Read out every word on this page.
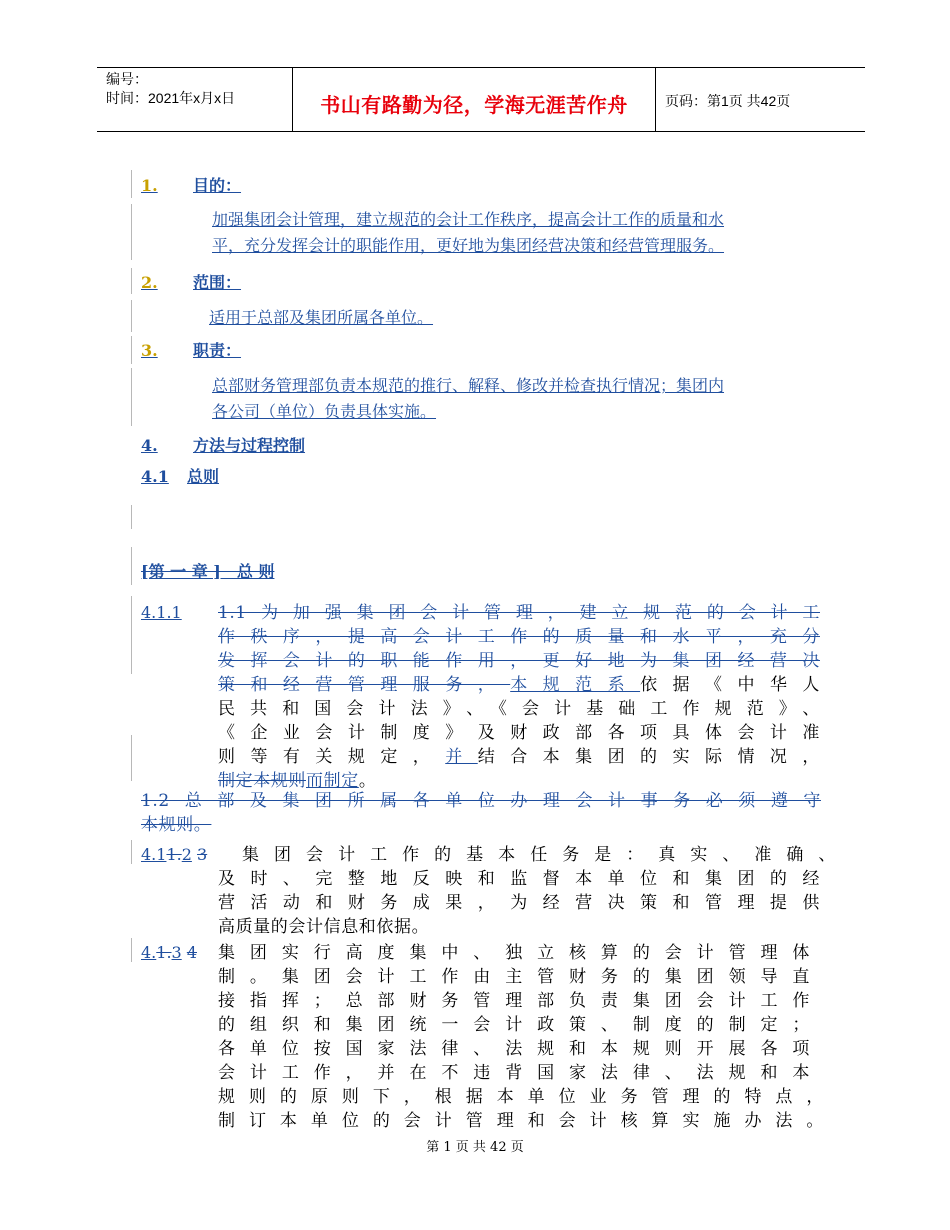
编号：
时间：2021年x月x日	书山有路勤为径，学海无涯苦作舟	页码：第1页 共42页
1. 目的：
加强集团会计管理，建立规范的会计工作秩序，提高会计工作的质量和水
平，充分发挥会计的职能作用，更好地为集团经营决策和经营管理服务。
2. 范围：
适用于总部及集团所属各单位。
3. 职责：
总部财务管理部负责本规范的推行、解释、修改并检查执行情况；集团内
各公司（单位）负责具体实施。
4. 方法与过程控制
4.1 总则
[第 一 章 ]　总 则
4.1.1 1.1为加强集团会计管理，建立规范的会计工
作秩序，提高会计工作的质量和水平，充分
发挥会计的职能作用，更好地为集团经营决
策和经营管理服务，本规范系依据《中华人
民共和国会计法》、《会计基础工作规范》、
《企业会计制度》及财政部各项具体会计准
则等有关规定，并结合本集团的实际情况，
制定本规则而制定。
1.2总部及集团所属各单位办理会计事务必须遵守
本规则。
4.11.2 3 集团会计工作的基本任务是：真实、准确、
及时、完整地反映和监督本单位和集团的经
营活动和财务成果，为经营决策和管理提供
高质量的会计信息和依据。
4.1.3 4 集团实行高度集中、独立核算的会计管理体
制。集团会计工作由主管财务的集团领导直
接指挥；总部财务管理部负责集团会计工作
的组织和集团统一会计政策、制度的制定；
各单位按国家法律、法规和本规则开展各项
会计工作，并在不违背国家法律、法规和本
规则的原则下，根据本单位业务管理的特点，
制订本单位的会计管理和会计核算实施办法。
第 1 页 共 42 页
